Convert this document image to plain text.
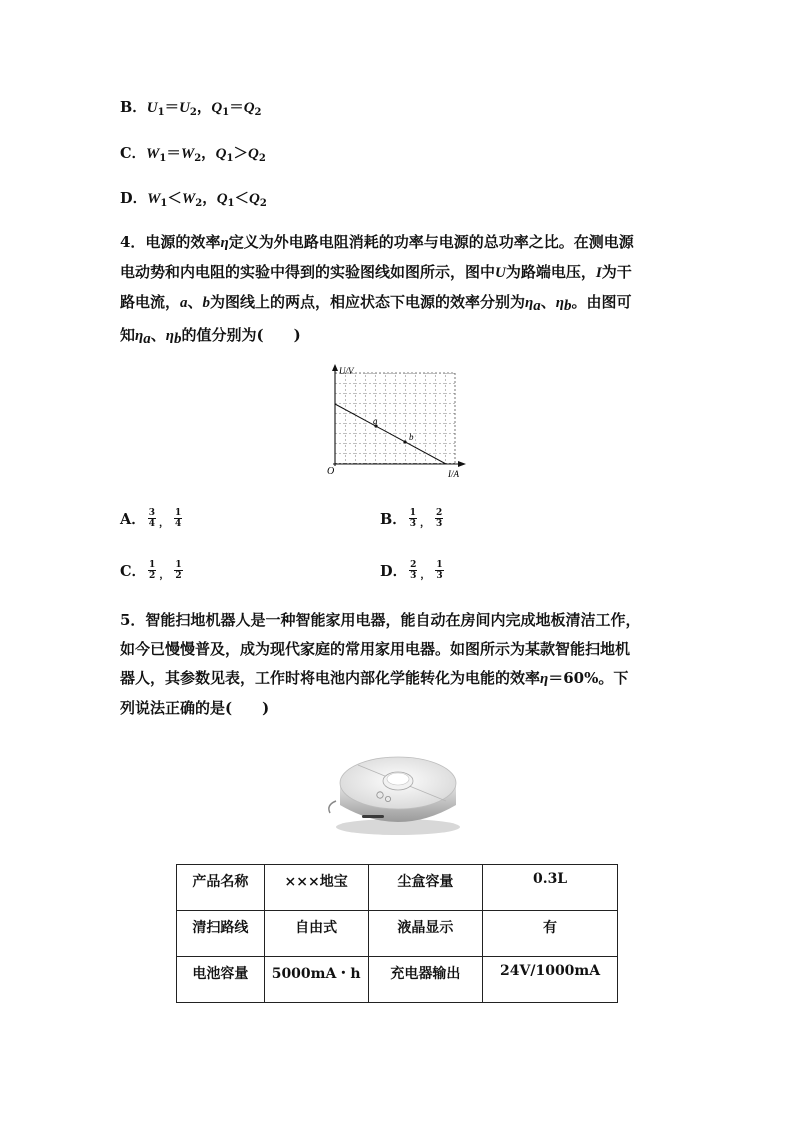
B．$U_1=U_2$，$Q_1=Q_2$
C．$W_1=W_2$，$Q_1>Q_2$
D．$W_1<W_2$，$Q_1<Q_2$
4．电源的效率η定义为外电路电阻消耗的功率与电源的总功率之比。在测电源
电动势和内电阻的实验中得到的实验图线如图所示，图中U为路端电压，I为干
路电流，a、b为图线上的两点，相应状态下电源的效率分别为$\eta_a$、$\eta_b$。由图可
知$\eta_a$、$\eta_b$的值分别为(　　)
U/V
I/A
O
a
b
A． $\frac{3}{4}$ ， $\frac{1}{4}$	B． $\frac{1}{3}$ ， $\frac{2}{3}$
C． $\frac{1}{2}$ ， $\frac{1}{2}$	D． $\frac{2}{3}$ ， $\frac{1}{3}$
5．智能扫地机器人是一种智能家用电器，能自动在房间内完成地板清洁工作，
如今已慢慢普及，成为现代家庭的常用家用电器。如图所示为某款智能扫地机
器人，其参数见表，工作时将电池内部化学能转化为电能的效率η＝60%。下
列说法正确的是(　　)
产品名称	×××地宝	尘盒容量	0.3L
清扫路线	自由式	液晶显示	有
电池容量	5000mA・h	充电器输出	24V/1000mA
